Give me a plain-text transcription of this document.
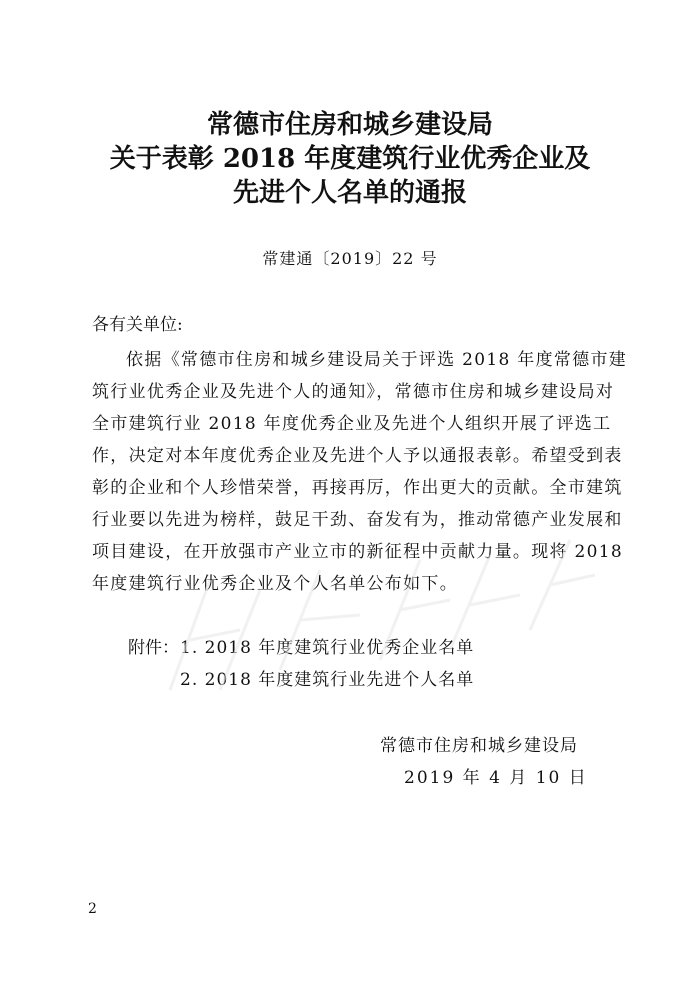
常德市住房和城乡建设局
关于表彰 2018 年度建筑行业优秀企业及
先进个人名单的通报
常建通〔2019〕22 号
各有关单位:
依据《常德市住房和城乡建设局关于评选 2018 年度常德市建
筑行业优秀企业及先进个人的通知》，常德市住房和城乡建设局对
全市建筑行业 2018 年度优秀企业及先进个人组织开展了评选工
作，决定对本年度优秀企业及先进个人予以通报表彰。希望受到表
彰的企业和个人珍惜荣誉，再接再厉，作出更大的贡献。全市建筑
行业要以先进为榜样，鼓足干劲、奋发有为，推动常德产业发展和
项目建设，在开放强市产业立市的新征程中贡献力量。现将 2018
年度建筑行业优秀企业及个人名单公布如下。
附件： 1. 2018 年度建筑行业优秀企业名单
2. 2018 年度建筑行业先进个人名单
常德市住房和城乡建设局
2019 年 4 月 10 日
2
